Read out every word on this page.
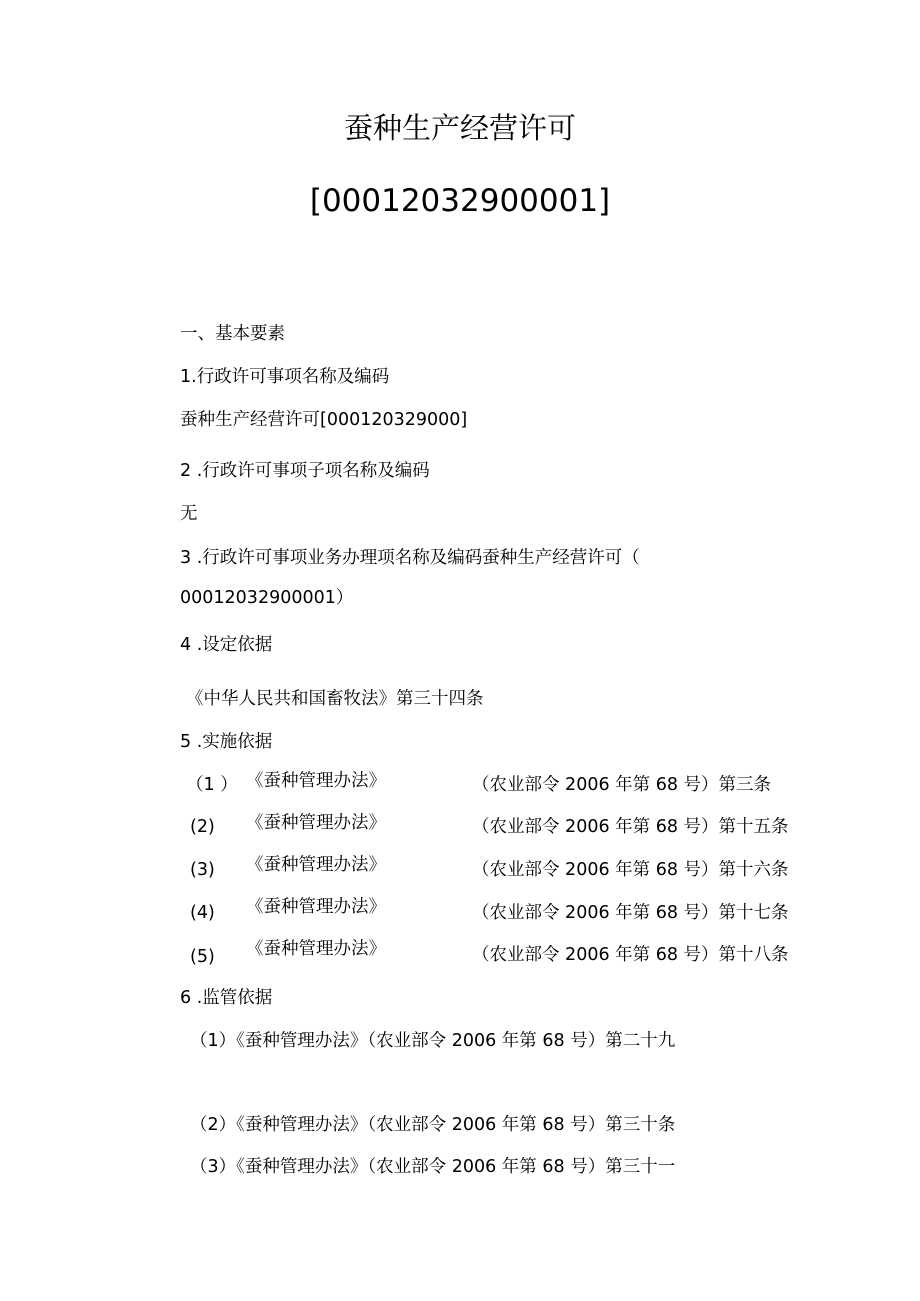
蚕种生产经营许可
[00012032900001]
一、基本要素
1.行政许可事项名称及编码
蚕种生产经营许可[000120329000]
2 .行政许可事项子项名称及编码
无
3 .行政许可事项业务办理项名称及编码蚕种生产经营许可（
00012032900001）
4 .设定依据
《中华人民共和国畜牧法》第三十四条
5 .实施依据
（1 ） 《蚕种管理办法》	（农业部令 2006 年第 68 号）第三条
(2) 《蚕种管理办法》	（农业部令 2006 年第 68 号）第十五条
(3) 《蚕种管理办法》	（农业部令 2006 年第 68 号）第十六条
(4) 《蚕种管理办法》	（农业部令 2006 年第 68 号）第十七条
(5) 《蚕种管理办法》	（农业部令 2006 年第 68 号）第十八条
6 .监管依据
（1）《蚕种管理办法》（农业部令 2006 年第 68 号）第二十九
（2）《蚕种管理办法》（农业部令 2006 年第 68 号）第三十条
（3）《蚕种管理办法》（农业部令 2006 年第 68 号）第三十一
